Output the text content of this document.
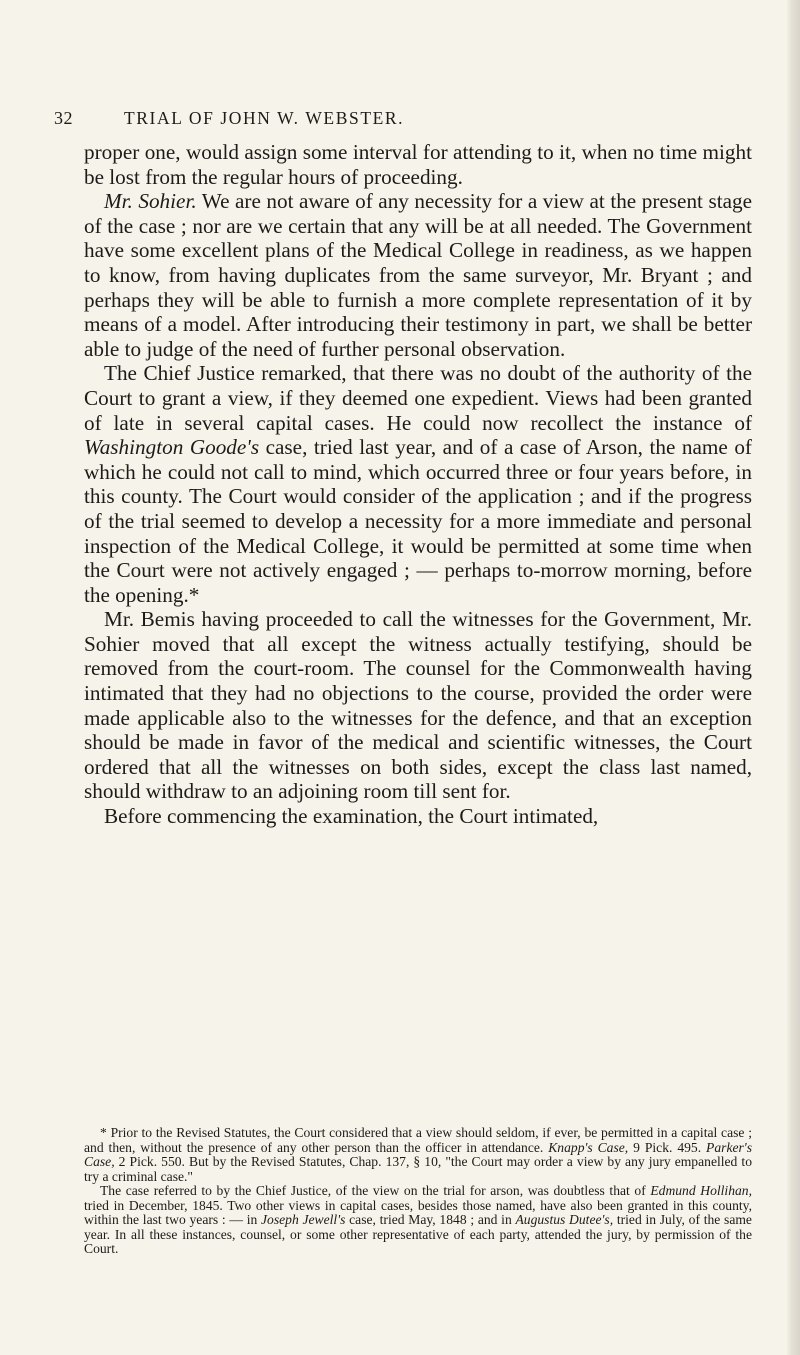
32	TRIAL OF JOHN W. WEBSTER.

proper one, would assign some interval for attending to it, when no time might be lost from the regular hours of proceeding.

Mr. Sohier. We are not aware of any necessity for a view at the present stage of the case ; nor are we certain that any will be at all needed. The Government have some excellent plans of the Medical College in readiness, as we happen to know, from having duplicates from the same surveyor, Mr. Bryant ; and perhaps they will be able to furnish a more complete representation of it by means of a model. After introducing their testimony in part, we shall be better able to judge of the need of further personal observation.

The Chief Justice remarked, that there was no doubt of the authority of the Court to grant a view, if they deemed one expedient. Views had been granted of late in several capital cases. He could now recollect the instance of Washington Goode's case, tried last year, and of a case of Arson, the name of which he could not call to mind, which occurred three or four years before, in this county. The Court would consider of the application ; and if the progress of the trial seemed to develop a necessity for a more immediate and personal inspection of the Medical College, it would be permitted at some time when the Court were not actively engaged ; — perhaps to-morrow morning, before the opening.*

Mr. Bemis having proceeded to call the witnesses for the Government, Mr. Sohier moved that all except the witness actually testifying, should be removed from the court-room. The counsel for the Commonwealth having intimated that they had no objections to the course, provided the order were made applicable also to the witnesses for the defence, and that an exception should be made in favor of the medical and scientific witnesses, the Court ordered that all the witnesses on both sides, except the class last named, should withdraw to an adjoining room till sent for.

Before commencing the examination, the Court intimated,

* Prior to the Revised Statutes, the Court considered that a view should seldom, if ever, be permitted in a capital case ; and then, without the presence of any other person than the officer in attendance. Knapp's Case, 9 Pick. 495. Parker's Case, 2 Pick. 550. But by the Revised Statutes, Chap. 137, § 10, "the Court may order a view by any jury empanelled to try a criminal case."

The case referred to by the Chief Justice, of the view on the trial for arson, was doubtless that of Edmund Hollihan, tried in December, 1845. Two other views in capital cases, besides those named, have also been granted in this county, within the last two years : — in Joseph Jewell's case, tried May, 1848 ; and in Augustus Dutee's, tried in July, of the same year. In all these instances, counsel, or some other representative of each party, attended the jury, by permission of the Court.
